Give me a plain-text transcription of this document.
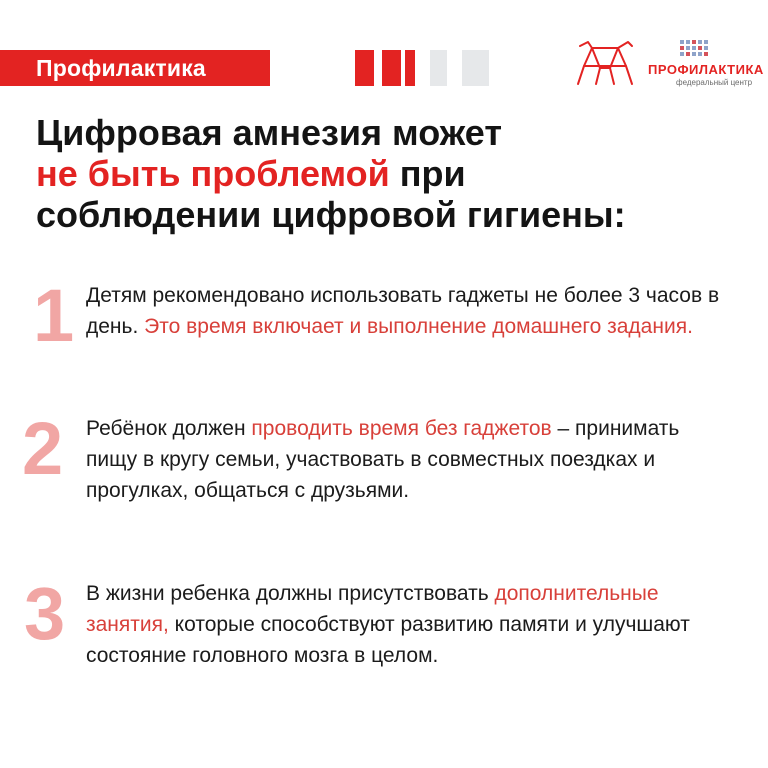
Профилактика	ПРОФИЛАКТИКА
федеральный центр
Цифровая амнезия может
не быть проблемой при
соблюдении цифровой гигиены:
1 Детям рекомендовано использовать гаджеты не более 3 часов в день. Это время включает и выполнение домашнего задания.
2 Ребёнок должен проводить время без гаджетов – принимать пищу в кругу семьи, участвовать в совместных поездках и прогулках, общаться с друзьями.
3 В жизни ребенка должны присутствовать дополнительные занятия, которые способствуют развитию памяти и улучшают состояние головного мозга в целом.
